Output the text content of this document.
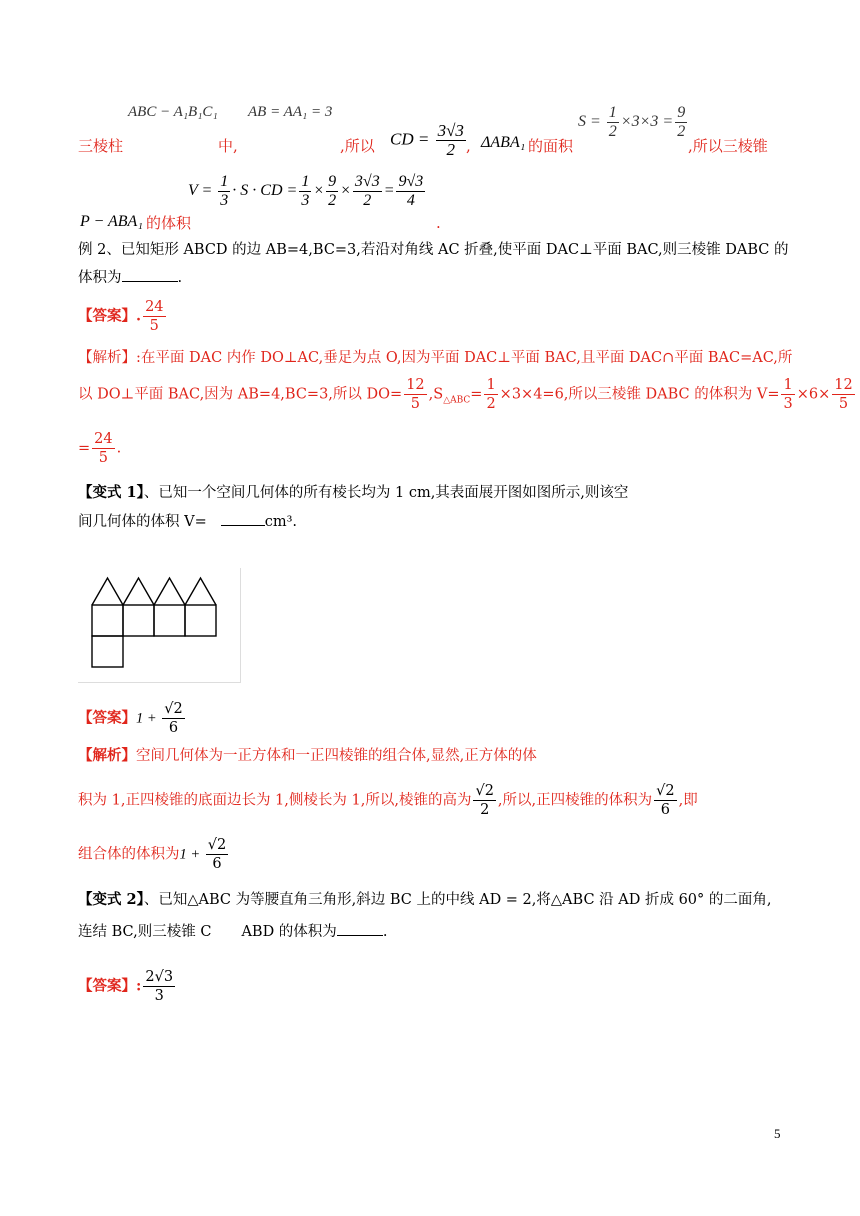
ABC − A₁B₁C₁ AB = AA₁ = 3
$S = \frac{1}{2} \times 3\times 3 = \frac{9}{2}$
三棱柱	中,	,所以 CD = $\frac{3√3}{2}$ , ΔABA₁ 的面积	,所以三棱锥
$V = \frac{1}{3} \cdot S$ · CD = $\frac{1}{3} \times \frac{9}{2} \times \frac{3√3}{2} = \frac{9√3}{4}$
P − ABA₁ 的体积	.
例 2、已知矩形 ABCD 的边 AB=4,BC=3,若沿对角线 AC 折叠,使平面 DAC⊥平面 BAC,则三棱锥 DABC 的
体积为	.
【答案】. $\frac{24}{5}$
【解析】:在平面 DAC 内作 DO⊥AC,垂足为点 O,因为平面 DAC⊥平面 BAC,且平面 DAC∩平面 BAC=AC,所
以 DO⊥平面 BAC,因为 AB=4,BC=3,所以 $DO= \frac{12}{5} ,S_{\triangle ABC}= \frac{1}{2} \times 3\times 4=6$,所以三棱锥 DABC 的体积为 $V= \frac{1}{3} \times 6\times \frac{12}{5}$
= $\frac{24}{5}$ .
【变式 1】、已知一个空间几何体的所有棱长均为 1 cm,其表面展开图如图所示,则该空
间几何体的体积 V=	cm³.
【答案】$1 + \frac{√2}{6}$
【解析】空间几何体为一正方体和一正四棱锥的组合体,显然,正方体的体
积为 1,正四棱锥的底面边长为 1,侧棱长为 1,所以,棱锥的高为 $\frac{√2}{2}$ ,所以,正四棱锥的体积为 $\frac{√2}{6}$ ,即
组合体的体积为$1 + \frac{√2}{6}$
【变式 2】、已知△ABC 为等腰直角三角形,斜边 BC 上的中线 AD = 2,将△ABC 沿 AD 折成 60° 的二面角,
连结 BC,则三棱锥 C ABD 的体积为	.
【答案】: $\frac{2√3}{3}$
5
